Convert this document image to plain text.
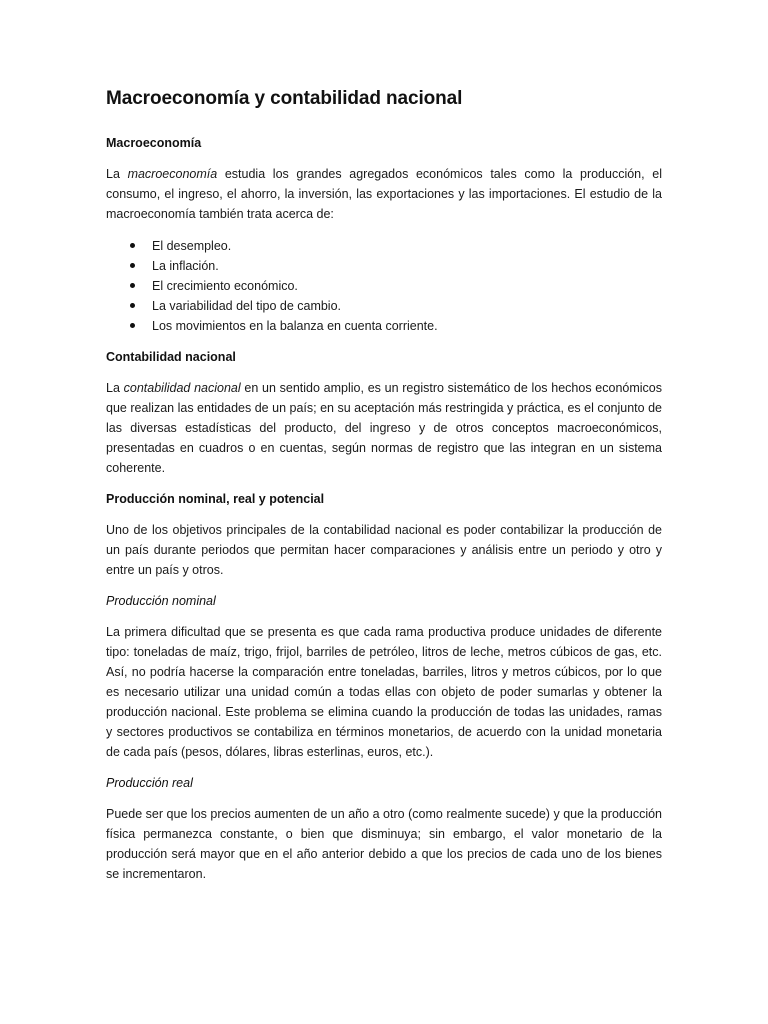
Macroeconomía y contabilidad nacional
Macroeconomía

La macroeconomía estudia los grandes agregados económicos tales como la producción, el consumo, el ingreso, el ahorro, la inversión, las exportaciones y las importaciones. El estudio de la macroeconomía también trata acerca de:

El desempleo.
La inflación.
El crecimiento económico.
La variabilidad del tipo de cambio.
Los movimientos en la balanza en cuenta corriente.
Contabilidad nacional

La contabilidad nacional en un sentido amplio, es un registro sistemático de los hechos económicos que realizan las entidades de un país; en su aceptación más restringida y práctica, es el conjunto de las diversas estadísticas del producto, del ingreso y de otros conceptos macroeconómicos, presentadas en cuadros o en cuentas, según normas de registro que las integran en un sistema coherente.

Producción nominal, real y potencial

Uno de los objetivos principales de la contabilidad nacional es poder contabilizar la producción de un país durante periodos que permitan hacer comparaciones y análisis entre un periodo y otro y entre un país y otros.

Producción nominal

La primera dificultad que se presenta es que cada rama productiva produce unidades de diferente tipo: toneladas de maíz, trigo, frijol, barriles de petróleo, litros de leche, metros cúbicos de gas, etc. Así, no podría hacerse la comparación entre toneladas, barriles, litros y metros cúbicos, por lo que es necesario utilizar una unidad común a todas ellas con objeto de poder sumarlas y obtener la producción nacional. Este problema se elimina cuando la producción de todas las unidades, ramas y sectores productivos se contabiliza en términos monetarios, de acuerdo con la unidad monetaria de cada país (pesos, dólares, libras esterlinas, euros, etc.).

Producción real

Puede ser que los precios aumenten de un año a otro (como realmente sucede) y que la producción física permanezca constante, o bien que disminuya; sin embargo, el valor monetario de la producción será mayor que en el año anterior debido a que los precios de cada uno de los bienes se incrementaron.
